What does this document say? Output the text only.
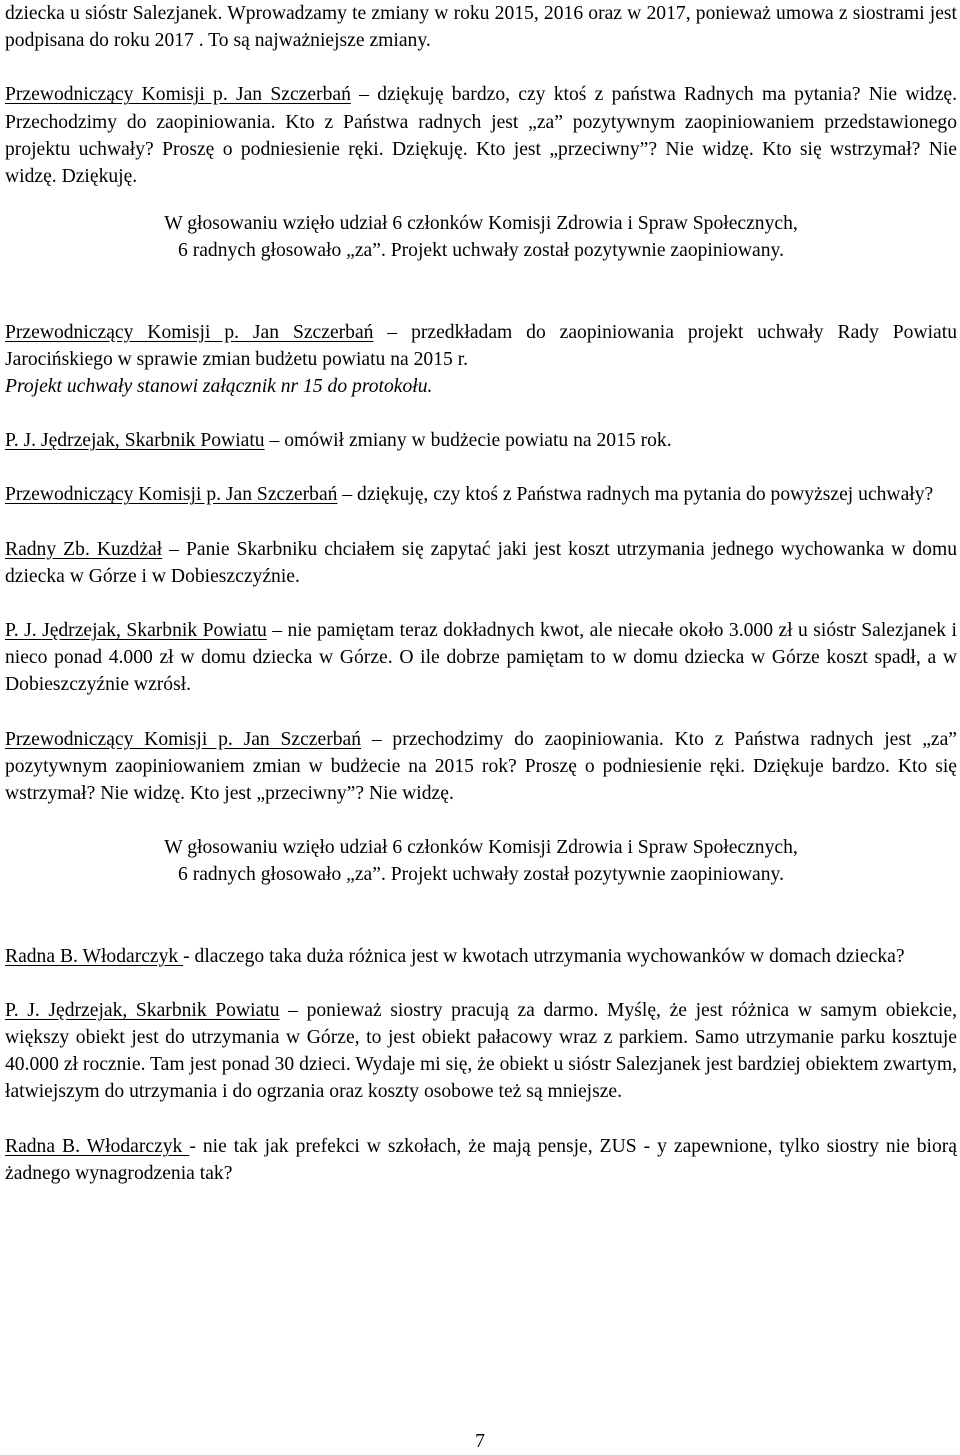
dziecka u sióstr Salezjanek. Wprowadzamy te zmiany w roku 2015, 2016 oraz w 2017, ponieważ umowa z siostrami jest podpisana do roku 2017 . To są najważniejsze zmiany.

Przewodniczący Komisji p. Jan Szczerbań – dziękuję bardzo, czy ktoś z państwa Radnych ma pytania? Nie widzę. Przechodzimy do zaopiniowania. Kto z Państwa radnych jest „za” pozytywnym zaopiniowaniem przedstawionego projektu uchwały? Proszę o podniesienie ręki. Dziękuję. Kto jest „przeciwny”? Nie widzę. Kto się wstrzymał? Nie widzę. Dziękuję.

W głosowaniu wzięło udział 6 członków Komisji Zdrowia i Spraw Społecznych,

6 radnych głosowało „za”. Projekt uchwały został pozytywnie zaopiniowany.

Przewodniczący Komisji p. Jan Szczerbań – przedkładam do zaopiniowania projekt uchwały Rady Powiatu Jarocińskiego w sprawie zmian budżetu powiatu na 2015 r.

Projekt uchwały stanowi załącznik nr 15 do protokołu.

P. J. Jędrzejak, Skarbnik Powiatu – omówił zmiany w budżecie powiatu na 2015 rok.

Przewodniczący Komisji p. Jan Szczerbań – dziękuję, czy ktoś z Państwa radnych ma pytania do powyższej uchwały?

Radny Zb. Kuzdżał – Panie Skarbniku chciałem się zapytać jaki jest koszt utrzymania jednego wychowanka w domu dziecka w Górze i w Dobieszczyźnie.

P. J. Jędrzejak, Skarbnik Powiatu – nie pamiętam teraz dokładnych kwot, ale niecałe około 3.000 zł u sióstr Salezjanek i nieco ponad 4.000 zł w domu dziecka w Górze. O ile dobrze pamiętam to w domu dziecka w Górze koszt spadł, a w Dobieszczyźnie wzrósł.

Przewodniczący Komisji p. Jan Szczerbań – przechodzimy do zaopiniowania. Kto z Państwa radnych jest „za” pozytywnym zaopiniowaniem zmian w budżecie na 2015 rok? Proszę o podniesienie ręki. Dziękuje bardzo. Kto się wstrzymał? Nie widzę. Kto jest „przeciwny”? Nie widzę.

W głosowaniu wzięło udział 6 członków Komisji Zdrowia i Spraw Społecznych,

6 radnych głosowało „za”. Projekt uchwały został pozytywnie zaopiniowany.

Radna B. Włodarczyk - dlaczego taka duża różnica jest w kwotach utrzymania wychowanków w domach dziecka?

P. J. Jędrzejak, Skarbnik Powiatu – ponieważ siostry pracują za darmo. Myślę, że jest różnica w samym obiekcie, większy obiekt jest do utrzymania w Górze, to jest obiekt pałacowy wraz z parkiem. Samo utrzymanie parku kosztuje 40.000 zł rocznie. Tam jest ponad 30 dzieci. Wydaje mi się, że obiekt u sióstr Salezjanek jest bardziej obiektem zwartym, łatwiejszym do utrzymania i do ogrzania oraz koszty osobowe też są mniejsze.

Radna B. Włodarczyk - nie tak jak prefekci w szkołach, że mają pensje, ZUS - y zapewnione, tylko siostry nie biorą żadnego wynagrodzenia tak?

7
